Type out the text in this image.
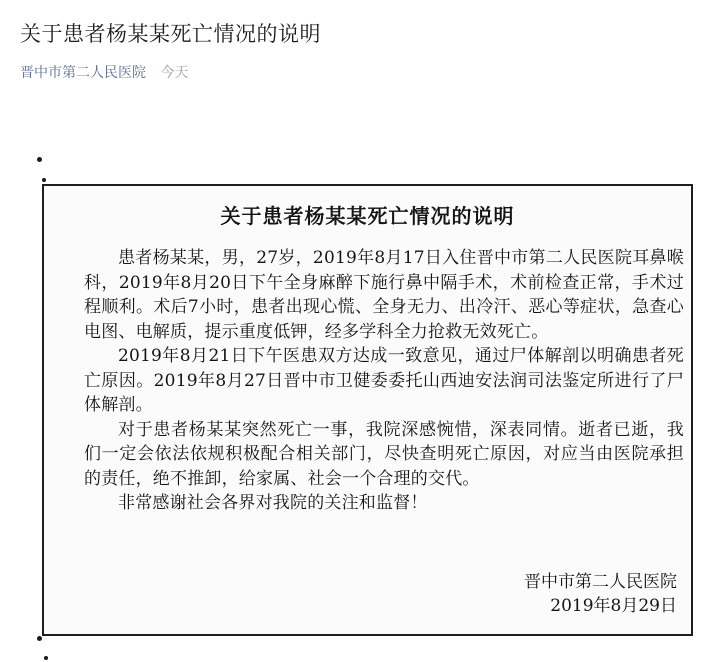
关于患者杨某某死亡情况的说明
晋中市第二人民医院 今天
关于患者杨某某死亡情况的说明

患者杨某某，男，27岁，2019年8月17日入住晋中市第二人民医院耳鼻喉科，2019年8月20日下午全身麻醉下施行鼻中隔手术，术前检查正常，手术过程顺利。术后7小时，患者出现心慌、全身无力、出冷汗、恶心等症状，急查心电图、电解质，提示重度低钾，经多学科全力抢救无效死亡。

2019年8月21日下午医患双方达成一致意见，通过尸体解剖以明确患者死亡原因。2019年8月27日晋中市卫健委委托山西迪安法润司法鉴定所进行了尸体解剖。

对于患者杨某某突然死亡一事，我院深感惋惜，深表同情。逝者已逝，我们一定会依法依规积极配合相关部门，尽快查明死亡原因，对应当由医院承担的责任，绝不推卸，给家属、社会一个合理的交代。

非常感谢社会各界对我院的关注和监督！

晋中市第二人民医院
2019年8月29日
